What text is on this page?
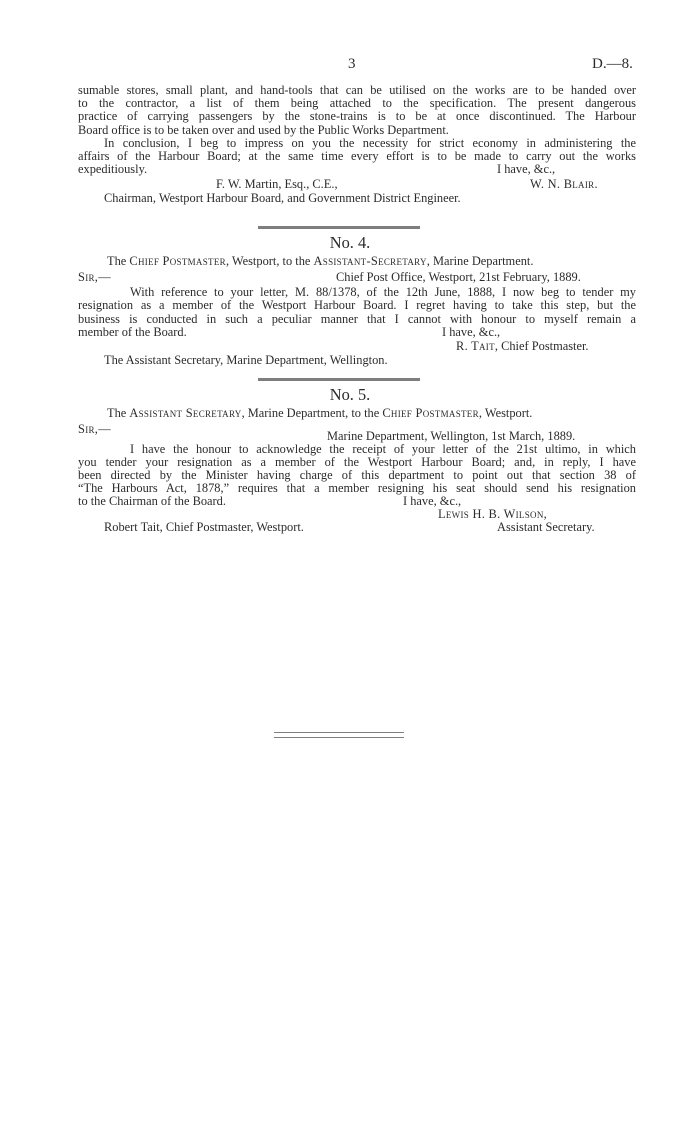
3	D.—8.
sumable stores, small plant, and hand-tools that can be utilised on the works are to be handed over
to the contractor, a list of them being attached to the specification. The present dangerous
practice of carrying passengers by the stone-trains is to be at once discontinued. The Harbour
Board office is to be taken over and used by the Public Works Department.
In conclusion, I beg to impress on you the necessity for strict economy in administering the
affairs of the Harbour Board; at the same time every effort is to be made to carry out the works
expeditiously.	I have, &c.,
F. W. Martin, Esq., C.E.,	W. N. Blair.
Chairman, Westport Harbour Board, and Government District Engineer.
No. 4.
The Chief Postmaster, Westport, to the Assistant-Secretary, Marine Department.
Sir,—	Chief Post Office, Westport, 21st February, 1889.
With reference to your letter, M. 88/1378, of the 12th June, 1888, I now beg to tender my
resignation as a member of the Westport Harbour Board. I regret having to take this step, but the
business is conducted in such a peculiar manner that I cannot with honour to myself remain a
member of the Board.	I have, &c.,
R. Tait, Chief Postmaster.
The Assistant Secretary, Marine Department, Wellington.
No. 5.
The Assistant Secretary, Marine Department, to the Chief Postmaster, Westport.
Sir,—	Marine Department, Wellington, 1st March, 1889.
I have the honour to acknowledge the receipt of your letter of the 21st ultimo, in which
you tender your resignation as a member of the Westport Harbour Board; and, in reply, I have
been directed by the Minister having charge of this department to point out that section 38 of
“The Harbours Act, 1878,” requires that a member resigning his seat should send his resignation
to the Chairman of the Board.	I have, &c.,
Lewis H. B. Wilson,
Robert Tait, Chief Postmaster, Westport.	Assistant Secretary.
